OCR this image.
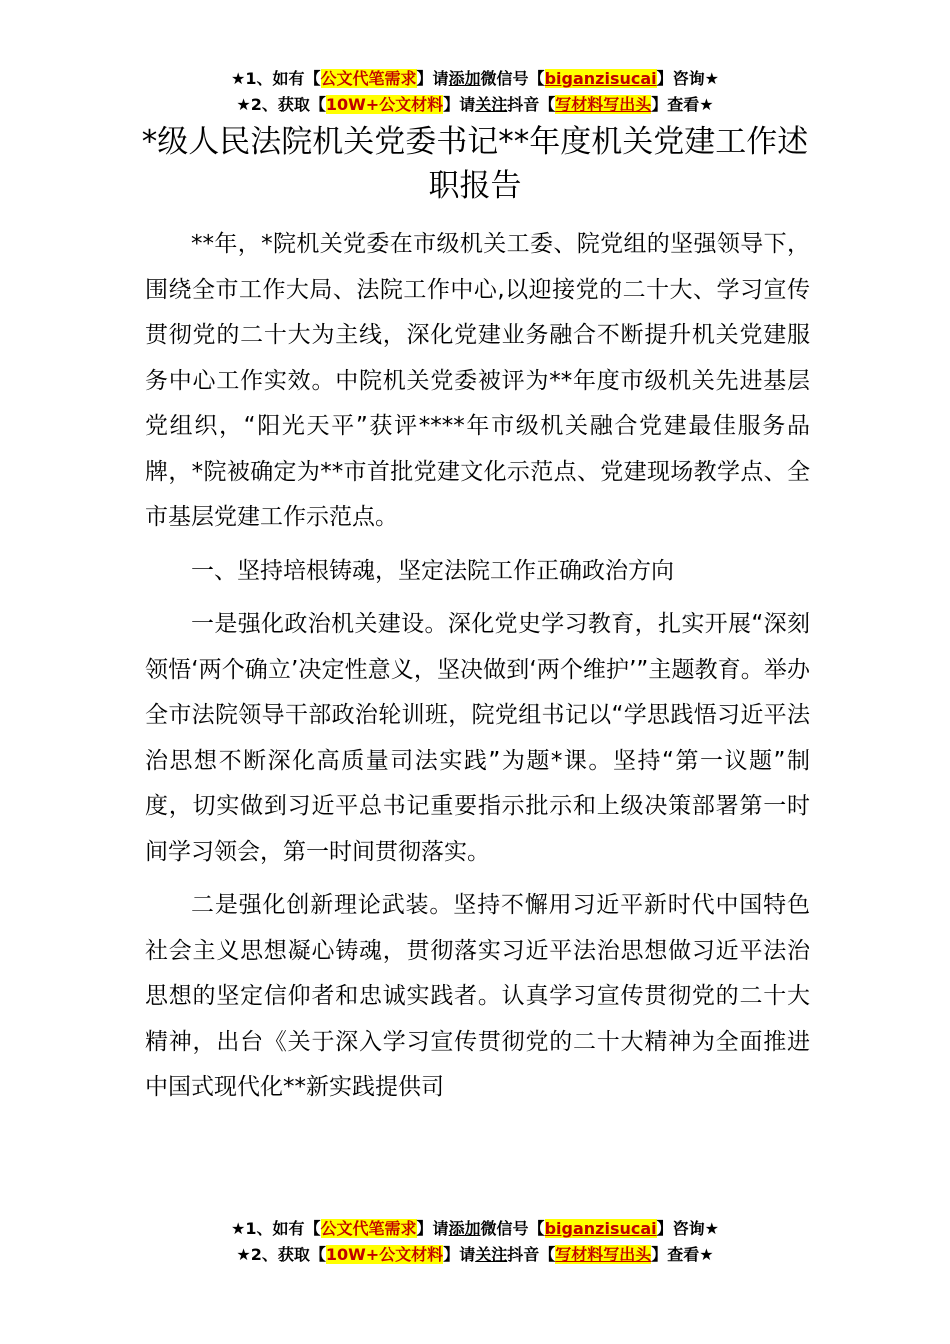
★1、如有【公文代笔需求】请添加微信号【biganzisucai】咨询★
★2、获取【10W+公文材料】请关注抖音【写材料写出头】查看★
*级人民法院机关党委书记**年度机关党建工作述职报告

**年，*院机关党委在市级机关工委、院党组的坚强领导下，围绕全市工作大局、法院工作中心,以迎接党的二十大、学习宣传贯彻党的二十大为主线，深化党建业务融合不断提升机关党建服务中心工作实效。中院机关党委被评为**年度市级机关先进基层党组织，“阳光天平”获评****年市级机关融合党建最佳服务品牌，*院被确定为**市首批党建文化示范点、党建现场教学点、全市基层党建工作示范点。

一、坚持培根铸魂，坚定法院工作正确政治方向

一是强化政治机关建设。深化党史学习教育，扎实开展“深刻领悟‘两个确立’决定性意义，坚决做到‘两个维护’”主题教育。举办全市法院领导干部政治轮训班，院党组书记以“学思践悟习近平法治思想不断深化高质量司法实践”为题*课。坚持“第一议题”制度，切实做到习近平总书记重要指示批示和上级决策部署第一时间学习领会，第一时间贯彻落实。

二是强化创新理论武装。坚持不懈用习近平新时代中国特色社会主义思想凝心铸魂，贯彻落实习近平法治思想做习近平法治思想的坚定信仰者和忠诚实践者。认真学习宣传贯彻党的二十大精神，出台《关于深入学习宣传贯彻党的二十大精神为全面推进中国式现代化**新实践提供司

★1、如有【公文代笔需求】请添加微信号【biganzisucai】咨询★
★2、获取【10W+公文材料】请关注抖音【写材料写出头】查看★
